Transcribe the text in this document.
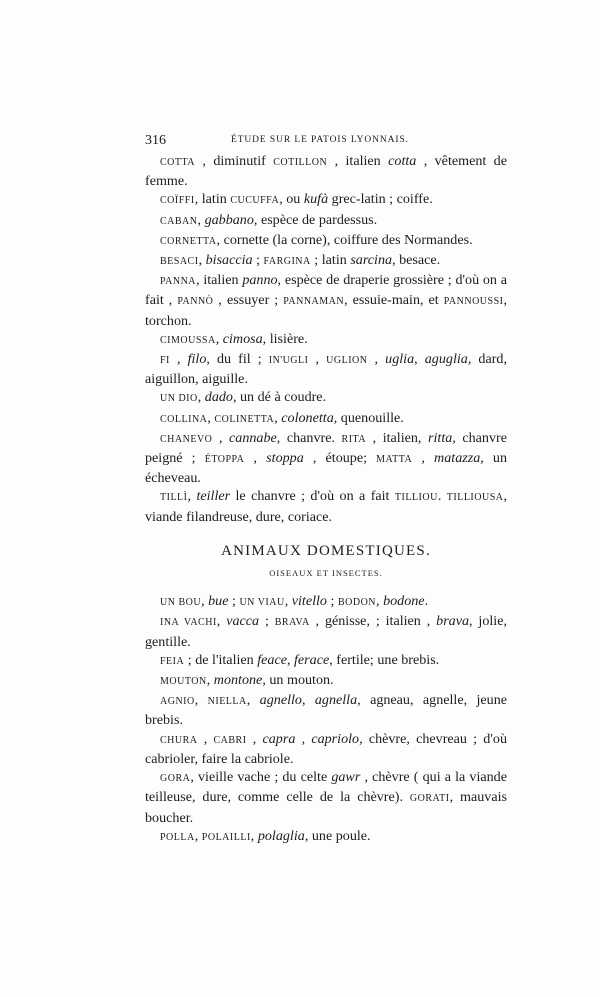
316	ÉTUDE SUR LE PATOIS LYONNAIS.

COTTA , diminutif COTILLON , italien cotta , vêtement de femme.

COÏFFI, latin CUCUFFA, ou kufà grec-latin ; coiffe.

CABAN, gabbano, espèce de pardessus.

CORNETTA, cornette (la corne), coiffure des Normandes.

BESACI, bisaccia ; FARGINA ; latin sarcina, besace.

PANNA, italien panno, espèce de draperie grossière ; d'où on a fait , PANNÒ , essuyer ; PANNAMAN, essuie-main, et PANNOUSSI, torchon.

CIMOUSSA, cimosa, lisière.

FI , filo, du fil ; IN'UGLI , UGLION , uglia, aguglia, dard, aiguillon, aiguille.

UN DIO, dado, un dé à coudre.

COLLINA, COLINETTA, colonetta, quenouille.

CHANEVO , cannabe, chanvre. RITA , italien, ritta, chanvre peigné ; ÉTOPPA , stoppa , étoupe; MATTA , matazza, un écheveau.

TILLÌ, teiller le chanvre ; d'où on a fait TILLIOU. TILLIOUSA, viande filandreuse, dure, coriace.

ANIMAUX DOMESTIQUES.
OISEAUX ET INSECTES.

UN BOU, bue ; UN VIAU, vitello ; BODON, bodone.

INA VACHI, vacca ; BRAVA , génisse, ; italien , brava, jolie, gentille.

FEIA ; de l'italien feace, ferace, fertile; une brebis.

MOUTON, montone, un mouton.

AGNIO, NIELLA, agnello, agnella, agneau, agnelle, jeune brebis.

CHURA , CABRI , capra , capriolo, chèvre, chevreau ; d'où cabrioler, faire la cabriole.

GORA, vieille vache ; du celte gawr , chèvre ( qui a la viande teilleuse, dure, comme celle de la chèvre). GORATI, mauvais boucher.

POLLA, POLAILLI, polaglia, une poule.
